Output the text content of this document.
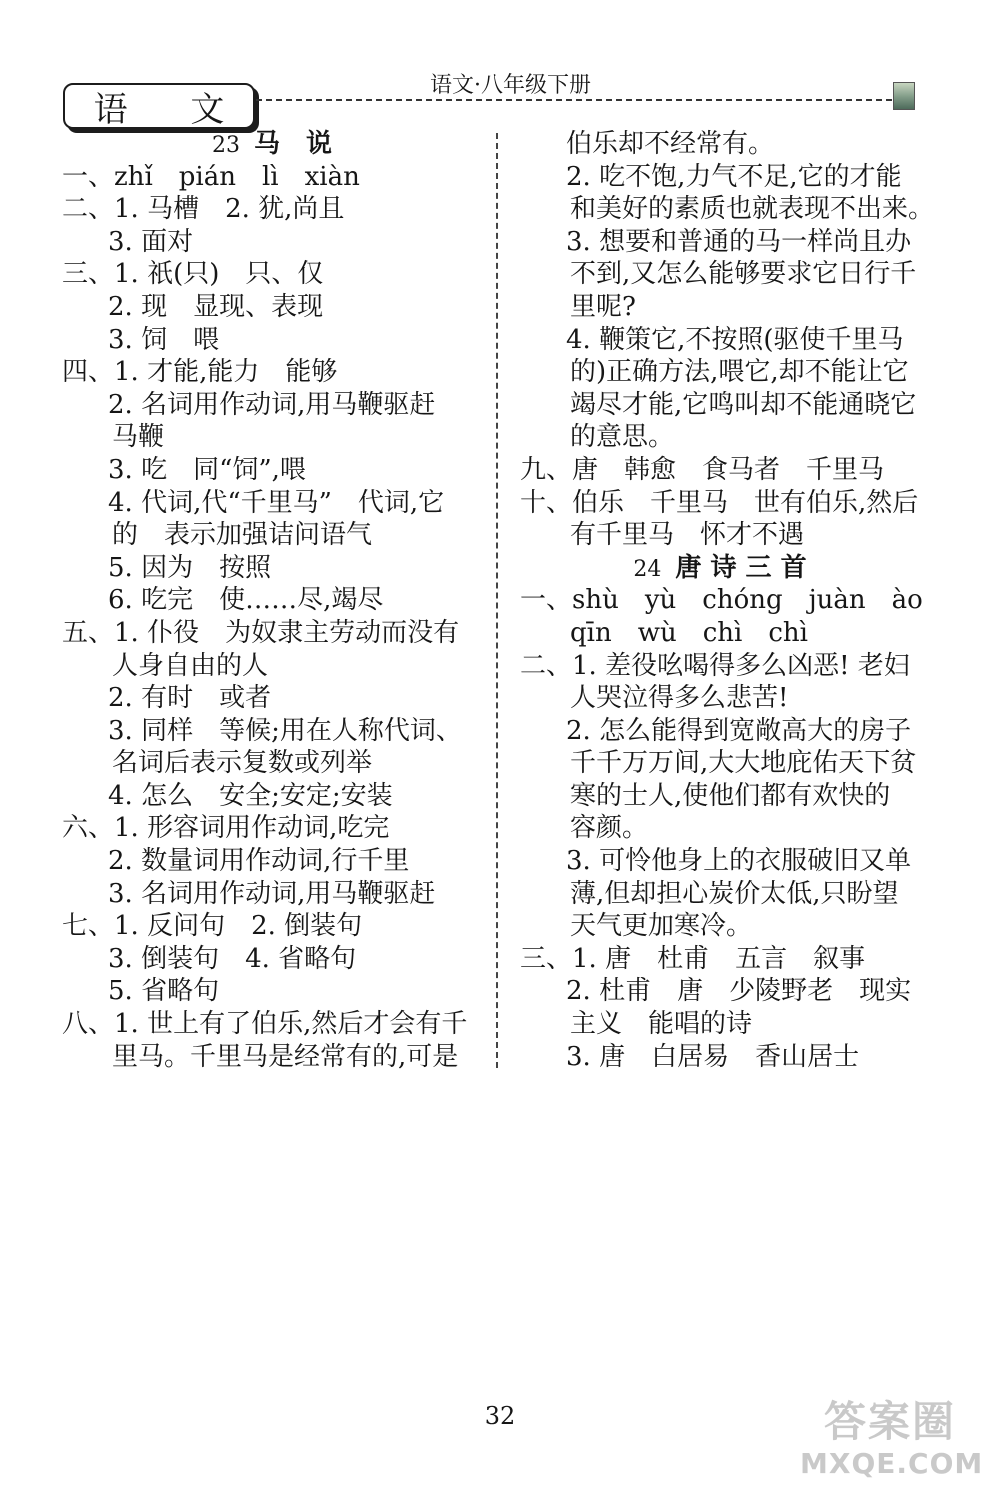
语 文
语文·八年级下册
23 马　说
一、zhǐ　pián　lì　xiàn
二、1. 马槽　2. 犹,尚且
3. 面对
三、1. 祇(只)　只、仅
2. 现　显现、表现
3. 饲　喂
四、1. 才能,能力　能够
2. 名词用作动词,用马鞭驱赶
马鞭
3. 吃　同“饲”,喂
4. 代词,代“千里马”　代词,它
的　表示加强诘问语气
5. 因为　按照
6. 吃完　使……尽,竭尽
五、1. 仆役　为奴隶主劳动而没有
人身自由的人
2. 有时　或者
3. 同样　等候;用在人称代词、
名词后表示复数或列举
4. 怎么　安全;安定;安装
六、1. 形容词用作动词,吃完
2. 数量词用作动词,行千里
3. 名词用作动词,用马鞭驱赶
七、1. 反问句　2. 倒装句
3. 倒装句　4. 省略句
5. 省略句
八、1. 世上有了伯乐,然后才会有千
里马。千里马是经常有的,可是
伯乐却不经常有。
2. 吃不饱,力气不足,它的才能
和美好的素质也就表现不出来。
3. 想要和普通的马一样尚且办
不到,又怎么能够要求它日行千
里呢?
4. 鞭策它,不按照(驱使千里马
的)正确方法,喂它,却不能让它
竭尽才能,它鸣叫却不能通晓它
的意思。
九、唐　韩愈　食马者　千里马
十、伯乐　千里马　世有伯乐,然后
有千里马　怀才不遇
24 唐 诗 三 首
一、shù　yù　chóng　juàn　ào
qīn　wù　chì　chì
二、1. 差役吆喝得多么凶恶! 老妇
人哭泣得多么悲苦!
2. 怎么能得到宽敞高大的房子
千千万万间,大大地庇佑天下贫
寒的士人,使他们都有欢快的
容颜。
3. 可怜他身上的衣服破旧又单
薄,但却担心炭价太低,只盼望
天气更加寒冷。
三、1. 唐　杜甫　五言　叙事
2. 杜甫　唐　少陵野老　现实
主义　能唱的诗
3. 唐　白居易　香山居士
32	答案圈
MXQE.COM
